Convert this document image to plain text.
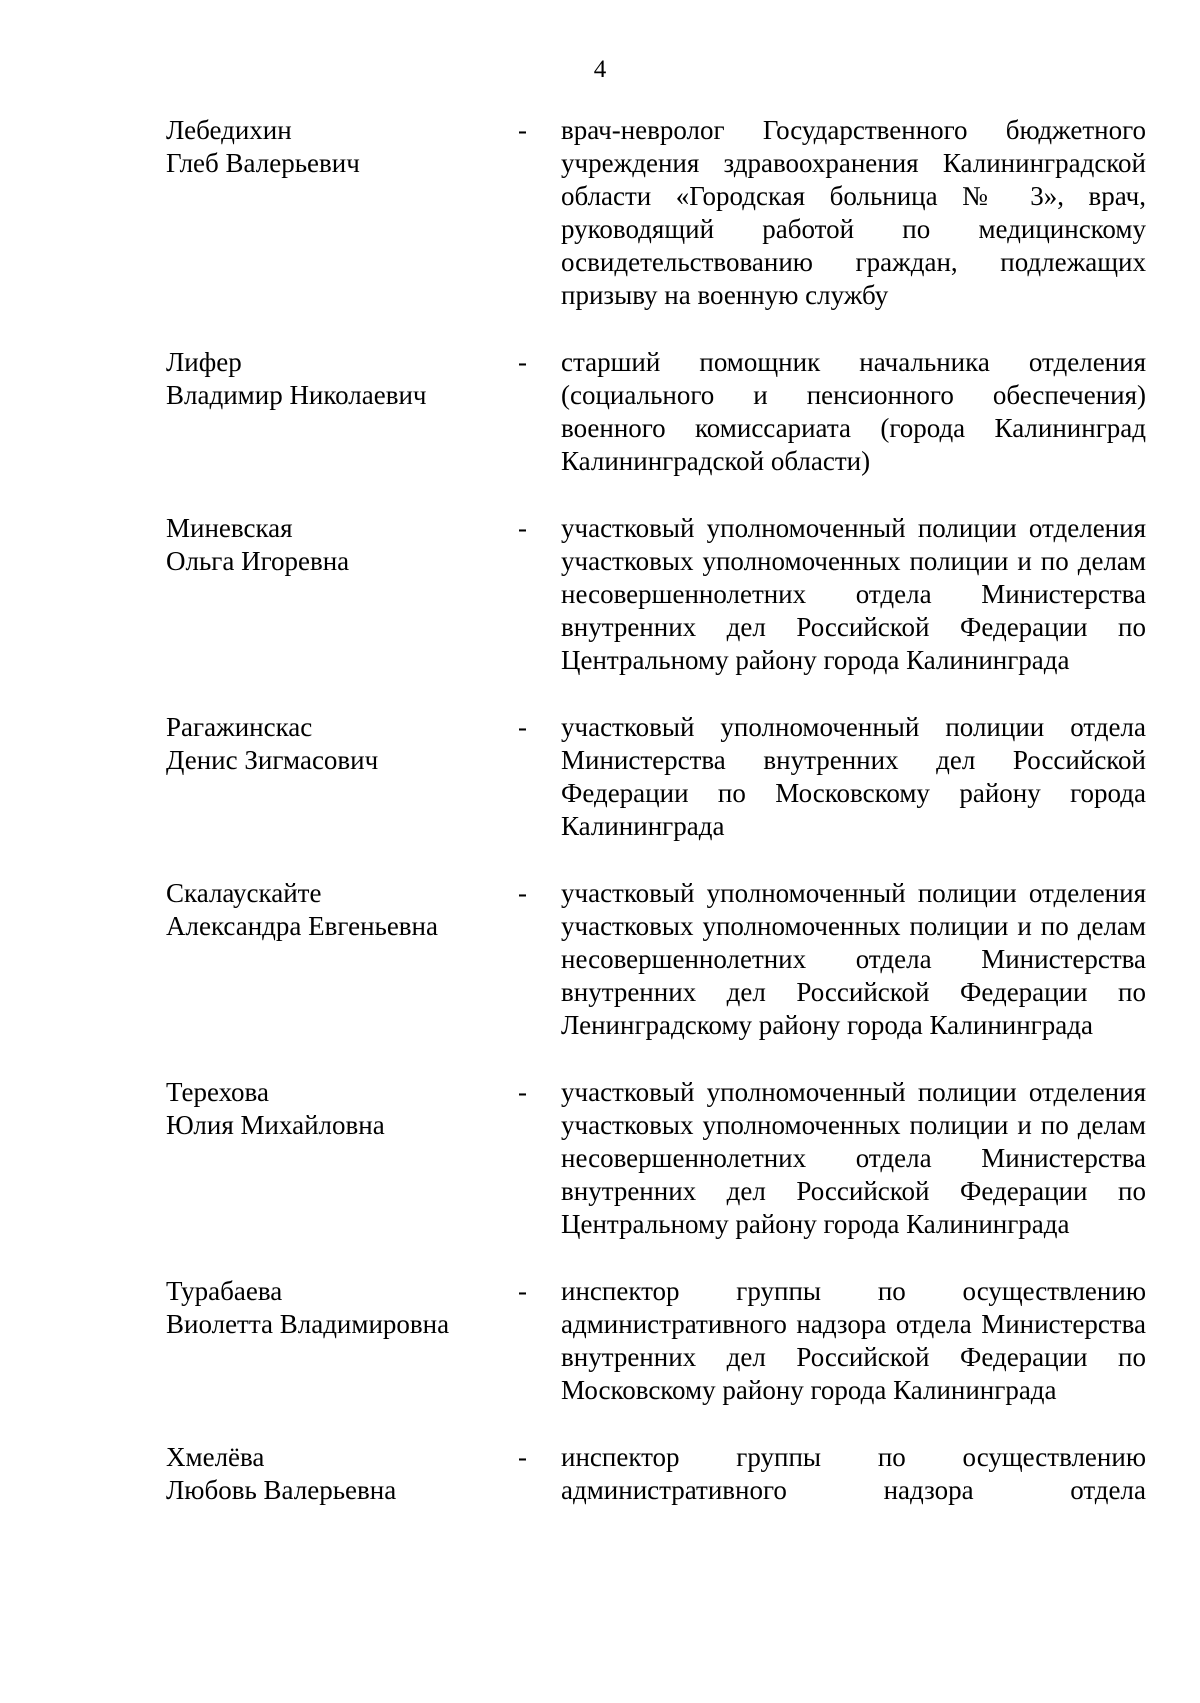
4
Лебедихин
Глеб Валерьевич
-	врач-невролог Государственного бюджетного учреждения здравоохранения Калининградской области «Городская больница № 3», врач, руководящий работой по медицинскому освидетельствованию граждан, подлежащих призыву на военную службу
Лифер
Владимир Николаевич
-	старший помощник начальника отделения (социального и пенсионного обеспечения) военного комиссариата (города Калининград Калининградской области)
Миневская
Ольга Игоревна
-	участковый уполномоченный полиции отделения участковых уполномоченных полиции и по делам несовершеннолетних отдела Министерства внутренних дел Российской Федерации по Центральному району города Калининграда
Рагажинскас
Денис Зигмасович
-	участковый уполномоченный полиции отдела Министерства внутренних дел Российской Федерации по Московскому району города Калининграда
Скалаускайте
Александра Евгеньевна
-	участковый уполномоченный полиции отделения участковых уполномоченных полиции и по делам несовершеннолетних отдела Министерства внутренних дел Российской Федерации по Ленинградскому району города Калининграда
Терехова
Юлия Михайловна
-	участковый уполномоченный полиции отделения участковых уполномоченных полиции и по делам несовершеннолетних отдела Министерства внутренних дел Российской Федерации по Центральному району города Калининграда
Турабаева
Виолетта Владимировна
-	инспектор группы по осуществлению административного надзора отдела Министерства внутренних дел Российской Федерации по Московскому району города Калининграда
Хмелёва
Любовь Валерьевна
-	инспектор группы по осуществлению административного надзора отдела
